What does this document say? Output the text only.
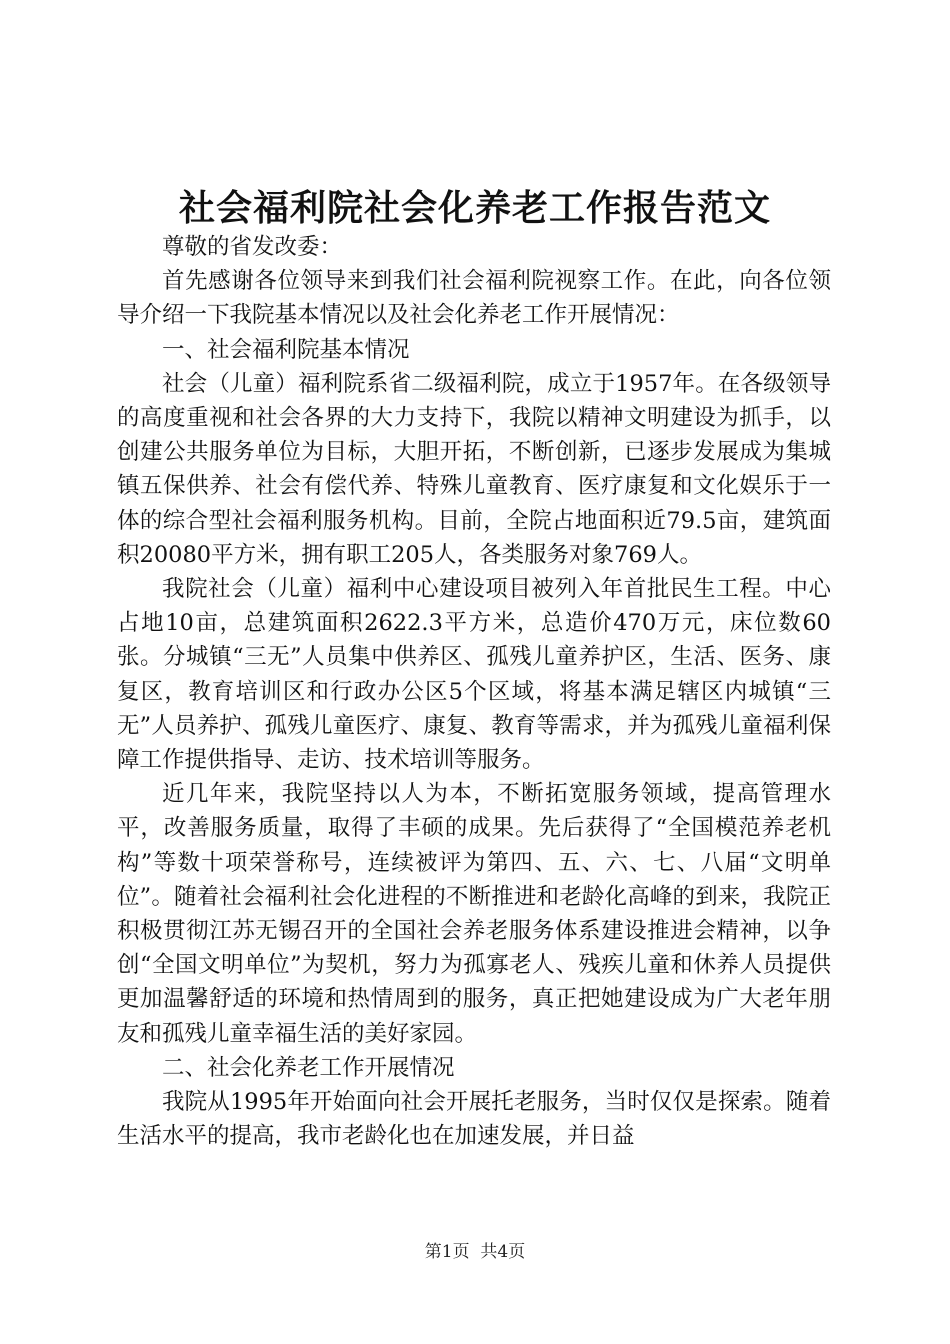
社会福利院社会化养老工作报告范文

尊敬的省发改委：

首先感谢各位领导来到我们社会福利院视察工作。在此，向各位领导介绍一下我院基本情况以及社会化养老工作开展情况：

一、社会福利院基本情况

社会（儿童）福利院系省二级福利院，成立于1957年。在各级领导的高度重视和社会各界的大力支持下，我院以精神文明建设为抓手，以创建公共服务单位为目标，大胆开拓，不断创新，已逐步发展成为集城镇五保供养、社会有偿代养、特殊儿童教育、医疗康复和文化娱乐于一体的综合型社会福利服务机构。目前，全院占地面积近79.5亩，建筑面积20080平方米，拥有职工205人，各类服务对象769人。

我院社会（儿童）福利中心建设项目被列入年首批民生工程。中心占地10亩，总建筑面积2622.3平方米，总造价470万元，床位数60张。分城镇“三无”人员集中供养区、孤残儿童养护区，生活、医务、康复区，教育培训区和行政办公区5个区域，将基本满足辖区内城镇“三无”人员养护、孤残儿童医疗、康复、教育等需求，并为孤残儿童福利保障工作提供指导、走访、技术培训等服务。

近几年来，我院坚持以人为本，不断拓宽服务领域，提高管理水平，改善服务质量，取得了丰硕的成果。先后获得了“全国模范养老机构”等数十项荣誉称号，连续被评为第四、五、六、七、八届“文明单位”。随着社会福利社会化进程的不断推进和老龄化高峰的到来，我院正积极贯彻江苏无锡召开的全国社会养老服务体系建设推进会精神，以争创“全国文明单位”为契机，努力为孤寡老人、残疾儿童和休养人员提供更加温馨舒适的环境和热情周到的服务，真正把她建设成为广大老年朋友和孤残儿童幸福生活的美好家园。

二、社会化养老工作开展情况

我院从1995年开始面向社会开展托老服务，当时仅仅是探索。随着生活水平的提高，我市老龄化也在加速发展，并日益

第1页 共4页
